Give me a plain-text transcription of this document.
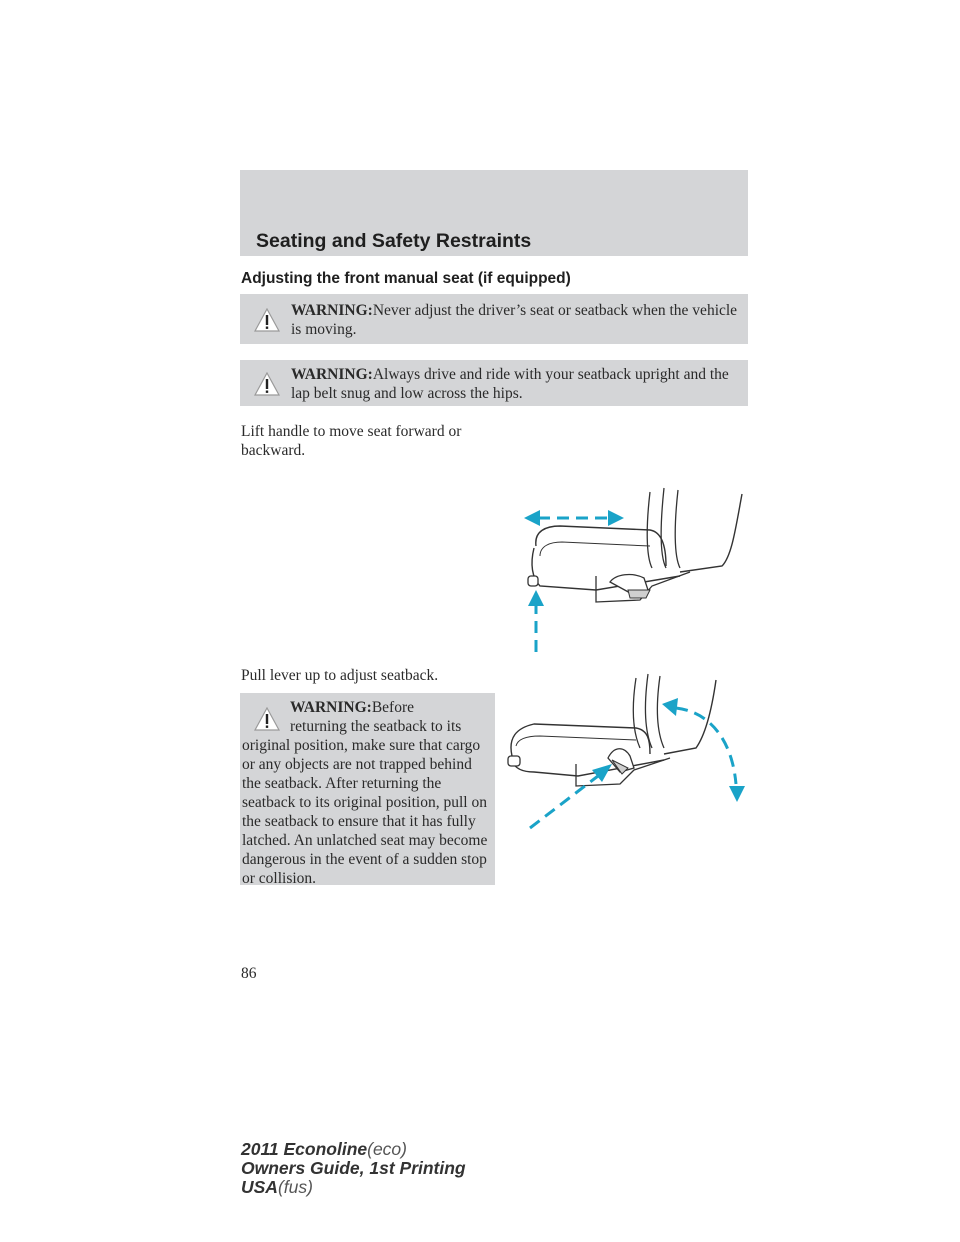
Seating and Safety Restraints
Adjusting the front manual seat (if equipped)
WARNING:Never adjust the driver’s seat or seatback when the vehicle is moving.
WARNING:Always drive and ride with your seatback upright and the lap belt snug and low across the hips.
Lift handle to move seat forward or backward.
Pull lever up to adjust seatback.
WARNING:Before
returning the seatback to its original position, make sure that cargo or any objects are not trapped behind the seatback. After returning the seatback to its original position, pull on the seatback to ensure that it has fully latched. An unlatched seat may become dangerous in the event of a sudden stop or collision.
86
2011 Econoline(eco)
Owners Guide, 1st Printing
USA(fus)
